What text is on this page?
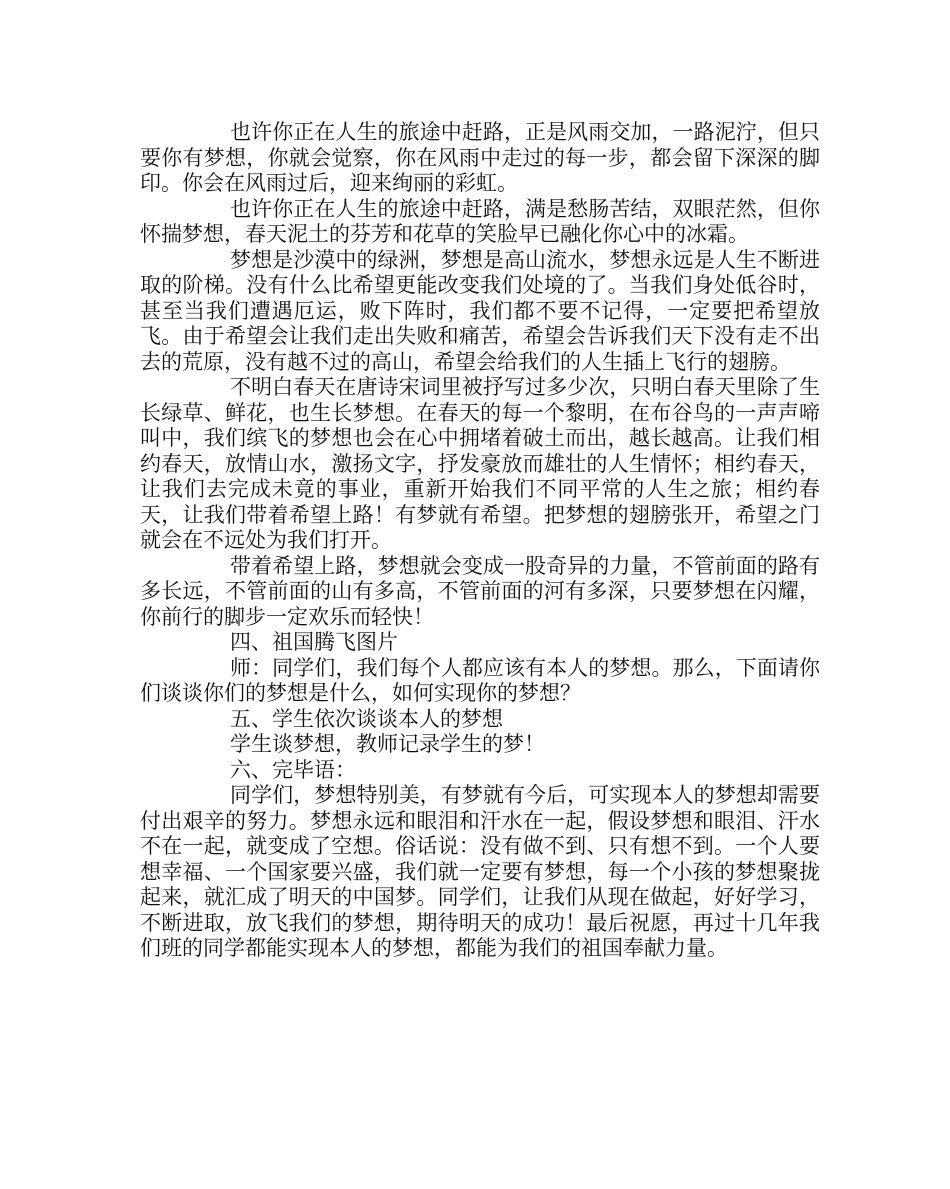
也许你正在人生的旅途中赶路，正是风雨交加，一路泥泞，但只要你有梦想，你就会觉察，你在风雨中走过的每一步，都会留下深深的脚印。你会在风雨过后，迎来绚丽的彩虹。

也许你正在人生的旅途中赶路，满是愁肠苦结，双眼茫然，但你怀揣梦想，春天泥土的芬芳和花草的笑脸早已融化你心中的冰霜。

梦想是沙漠中的绿洲，梦想是高山流水，梦想永远是人生不断进取的阶梯。没有什么比希望更能改变我们处境的了。当我们身处低谷时，甚至当我们遭遇厄运，败下阵时，我们都不要不记得，一定要把希望放飞。由于希望会让我们走出失败和痛苦，希望会告诉我们天下没有走不出去的荒原，没有越不过的高山，希望会给我们的人生插上飞行的翅膀。

不明白春天在唐诗宋词里被抒写过多少次，只明白春天里除了生长绿草、鲜花，也生长梦想。在春天的每一个黎明，在布谷鸟的一声声啼叫中，我们缤飞的梦想也会在心中拥堵着破土而出，越长越高。让我们相约春天，放情山水，激扬文字，抒发豪放而雄壮的人生情怀；相约春天，让我们去完成未竟的事业，重新开始我们不同平常的人生之旅；相约春天，让我们带着希望上路！有梦就有希望。把梦想的翅膀张开，希望之门就会在不远处为我们打开。

带着希望上路，梦想就会变成一股奇异的力量，不管前面的路有多长远，不管前面的山有多高，不管前面的河有多深，只要梦想在闪耀，你前行的脚步一定欢乐而轻快！

四、祖国腾飞图片

师：同学们，我们每个人都应该有本人的梦想。那么，下面请你们谈谈你们的梦想是什么，如何实现你的梦想？

五、学生依次谈谈本人的梦想

学生谈梦想，教师记录学生的梦！

六、完毕语：

同学们，梦想特别美，有梦就有今后，可实现本人的梦想却需要付出艰辛的努力。梦想永远和眼泪和汗水在一起，假设梦想和眼泪、汗水不在一起，就变成了空想。俗话说：没有做不到、只有想不到。一个人要想幸福、一个国家要兴盛，我们就一定要有梦想，每一个小孩的梦想聚拢起来，就汇成了明天的中国梦。同学们，让我们从现在做起，好好学习，不断进取，放飞我们的梦想，期待明天的成功！最后祝愿，再过十几年我们班的同学都能实现本人的梦想，都能为我们的祖国奉献力量。
